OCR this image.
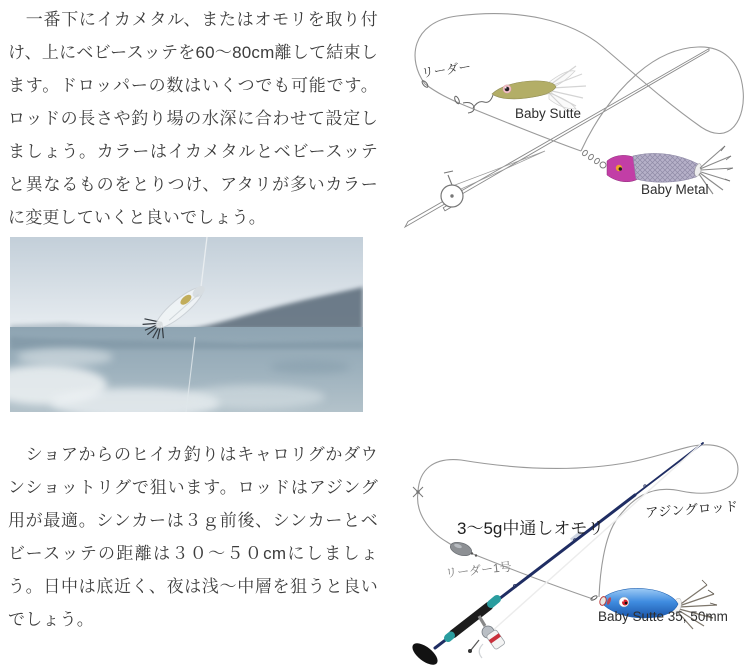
　一番下にイカメタル、またはオモリを取り付け、上にベビースッテを60～80cm離して結束します。ドロッパーの数はいくつでも可能です。ロッドの長さや釣り場の水深に合わせて設定しましょう。カラーはイカメタルとベビースッテと異なるものをとりつけ、アタリが多いカラーに変更していくと良いでしょう。

　ショアからのヒイカ釣りはキャロリグかダウンショットリグで狙います。ロッドはアジング用が最適。シンカーは３ｇ前後、シンカーとベビースッテの距離は３０～５０cmにしましょう。日中は底近く、夜は浅～中層を狙うと良いでしょう。

リーダー
Baby Sutte
Baby Metal
アジングロッド
3～5g中通しオモリ
リーダー1号
Baby Sutte 35, 50mm
